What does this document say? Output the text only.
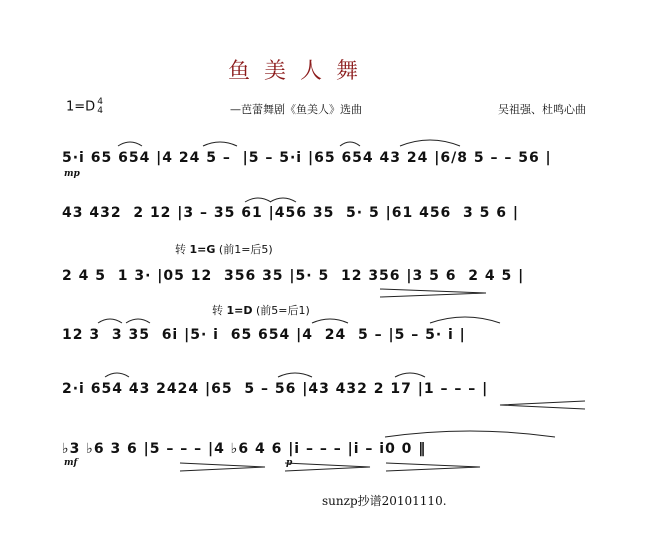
鱼美人舞
1=D 4
4	—芭蕾舞剧《鱼美人》选曲	吴祖强、杜鸣心曲
5·i 65 654 |4 24 5 –  |5 – 5·i |65 654 43 24 |6/8 5 – – 56 |
43 432  2 12 |3 – 35 61 |456 35  5· 5 |61 456  3 5 6 |
2 4 5  1 3· |05 12  356 35 |5· 5  12 356 |3 5 6  2 4 5 |
12 3  3 35  6i |5· i  65 654 |4  24  5 – |5 – 5· i |
2·i 654 43 2424 |65  5 – 56 |43 432 2 17 |1 – – – |
♭3 ♭6 3 6 |5 – – – |4 ♭6 4 6 |i – – – |i – i0 0 ‖
转 1=G (前1=后5)
转 1=D (前5=后1)
mp
mf	p
sunzp抄谱20101110.
